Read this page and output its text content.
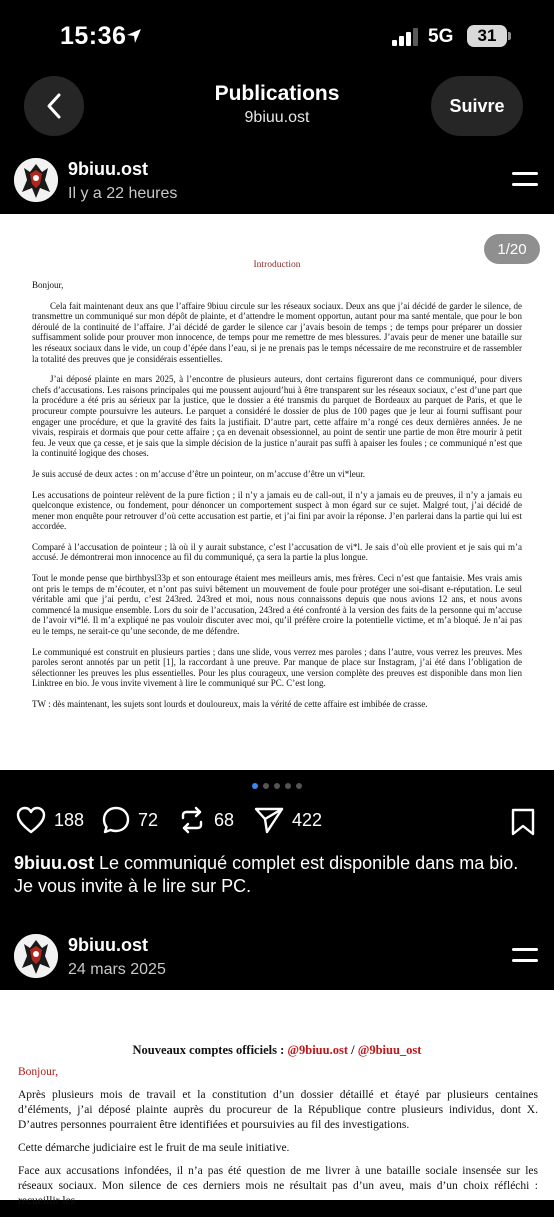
15:36	5G	31
Publications
9biuu.ost
Suivre
9biuu.ost
Il y a 22 heures
1/20
Introduction

Bonjour,

Cela fait maintenant deux ans que l’affaire 9biuu circule sur les réseaux sociaux. Deux ans que j’ai décidé de garder le silence, de transmettre un communiqué sur mon dépôt de plainte, et d’attendre le moment opportun, autant pour ma santé mentale, que pour le bon déroulé de la continuité de l’affaire. J’ai décidé de garder le silence car j’avais besoin de temps ; de temps pour préparer un dossier suffisamment solide pour prouver mon innocence, de temps pour me remettre de mes blessures. J’avais peur de mener une bataille sur les réseaux sociaux dans le vide, un coup d’épée dans l’eau, si je ne prenais pas le temps nécessaire de me reconstruire et de rassembler la totalité des preuves que je considérais essentielles.

J’ai déposé plainte en mars 2025, à l’encontre de plusieurs auteurs, dont certains figureront dans ce communiqué, pour divers chefs d’accusations. Les raisons principales qui me poussent aujourd’hui à être transparent sur les réseaux sociaux, c’est d’une part que la procédure a été pris au sérieux par la justice, que le dossier a été transmis du parquet de Bordeaux au parquet de Paris, et que le procureur compte poursuivre les auteurs. Le parquet a considéré le dossier de plus de 100 pages que je leur ai fourni suffisant pour engager une procédure, et que la gravité des faits la justifiait. D’autre part, cette affaire m’a rongé ces deux dernières années. Je ne vivais, respirais et dormais que pour cette affaire ; ça en devenait obsessionnel, au point de sentir une partie de mon être mourir à petit feu. Je veux que ça cesse, et je sais que la simple décision de la justice n’aurait pas suffi à apaiser les foules ; ce communiqué n’est que la continuité logique des choses.

Je suis accusé de deux actes : on m’accuse d’être un pointeur, on m’accuse d’être un vi*leur.

Les accusations de pointeur relèvent de la pure fiction ; il n’y a jamais eu de call-out, il n’y a jamais eu de preuves, il n’y a jamais eu quelconque existence, ou fondement, pour dénoncer un comportement suspect à mon égard sur ce sujet. Malgré tout, j’ai décidé de mener mon enquête pour retrouver d’où cette accusation est partie, et j’ai fini par avoir la réponse. J’en parlerai dans la partie qui lui est accordée.

Comparé à l’accusation de pointeur ; là où il y aurait substance, c’est l’accusation de vi*l. Je sais d’où elle provient et je sais qui m’a accusé. Je démontrerai mon innocence au fil du communiqué, ça sera la partie la plus longue.

Tout le monde pense que birthbysl33p et son entourage étaient mes meilleurs amis, mes frères. Ceci n’est que fantaisie. Mes vrais amis ont pris le temps de m’écouter, et n’ont pas suivi bêtement un mouvement de foule pour protéger une soi-disant e-réputation. Le seul véritable ami que j’ai perdu, c’est 243red. 243red et moi, nous nous connaissons depuis que nous avions 12 ans, et nous avons commencé la musique ensemble. Lors du soir de l’accusation, 243red a été confronté à la version des faits de la personne qui m’accuse de l’avoir vi*lé. Il m’a expliqué ne pas vouloir discuter avec moi, qu’il préfère croire la potentielle victime, et m’a bloqué. Je n’ai pas eu le temps, ne serait-ce qu’une seconde, de me défendre.

Le communiqué est construit en plusieurs parties ; dans une slide, vous verrez mes paroles ; dans l’autre, vous verrez les preuves. Mes paroles seront annotés par un petit [1], la raccordant à une preuve. Par manque de place sur Instagram, j’ai été dans l’obligation de sélectionner les preuves les plus essentielles. Pour les plus courageux, une version complète des preuves est disponible dans mon lien Linktree en bio. Je vous invite vivement à lire le communiqué sur PC. C’est long.

TW : dès maintenant, les sujets sont lourds et douloureux, mais la vérité de cette affaire est imbibée de crasse.

188	72	68	422
9biuu.ost Le communiqué complet est disponible dans ma bio. Je vous invite à le lire sur PC.
9biuu.ost
24 mars 2025
Nouveaux comptes officiels : @9biuu.ost / @9biuu_ost

Bonjour,

Après plusieurs mois de travail et la constitution d’un dossier détaillé et étayé par plusieurs centaines d’éléments, j’ai déposé plainte auprès du procureur de la République contre plusieurs individus, dont X. D’autres personnes pourraient être identifiées et poursuivies au fil des investigations.

Cette démarche judiciaire est le fruit de ma seule initiative.

Face aux accusations infondées, il n’a pas été question de me livrer à une bataille sociale insensée sur les réseaux sociaux. Mon silence de ces derniers mois ne résultait pas d’un aveu, mais d’un choix réfléchi : recueillir les
